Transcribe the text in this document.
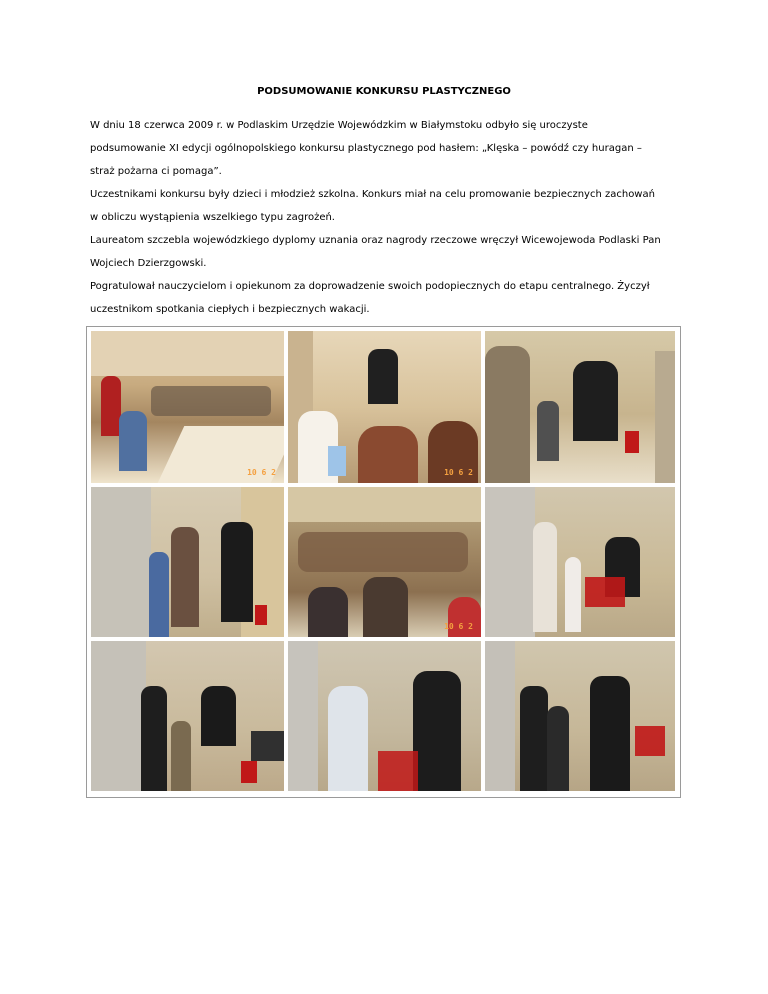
PODSUMOWANIE KONKURSU PLASTYCZNEGO

W dniu 18 czerwca 2009 r. w Podlaskim Urzędzie Wojewódzkim w Białymstoku odbyło się uroczyste

podsumowanie XI edycji ogólnopolskiego konkursu plastycznego pod hasłem: „Klęska – powódź czy huragan –

straż pożarna ci pomaga”.

Uczestnikami konkursu były dzieci i młodzież szkolna. Konkurs miał na celu promowanie bezpiecznych zachowań

w obliczu wystąpienia wszelkiego typu zagrożeń.

Laureatom szczebla wojewódzkiego dyplomy uznania oraz nagrody rzeczowe wręczył Wicewojewoda Podlaski Pan

Wojciech Dzierzgowski.

Pogratulował nauczycielom i opiekunom za doprowadzenie swoich podopiecznych do etapu centralnego. Życzył

uczestnikom spotkania ciepłych i bezpiecznych wakacji.

10 6 2	10 6 2
10 6 2
